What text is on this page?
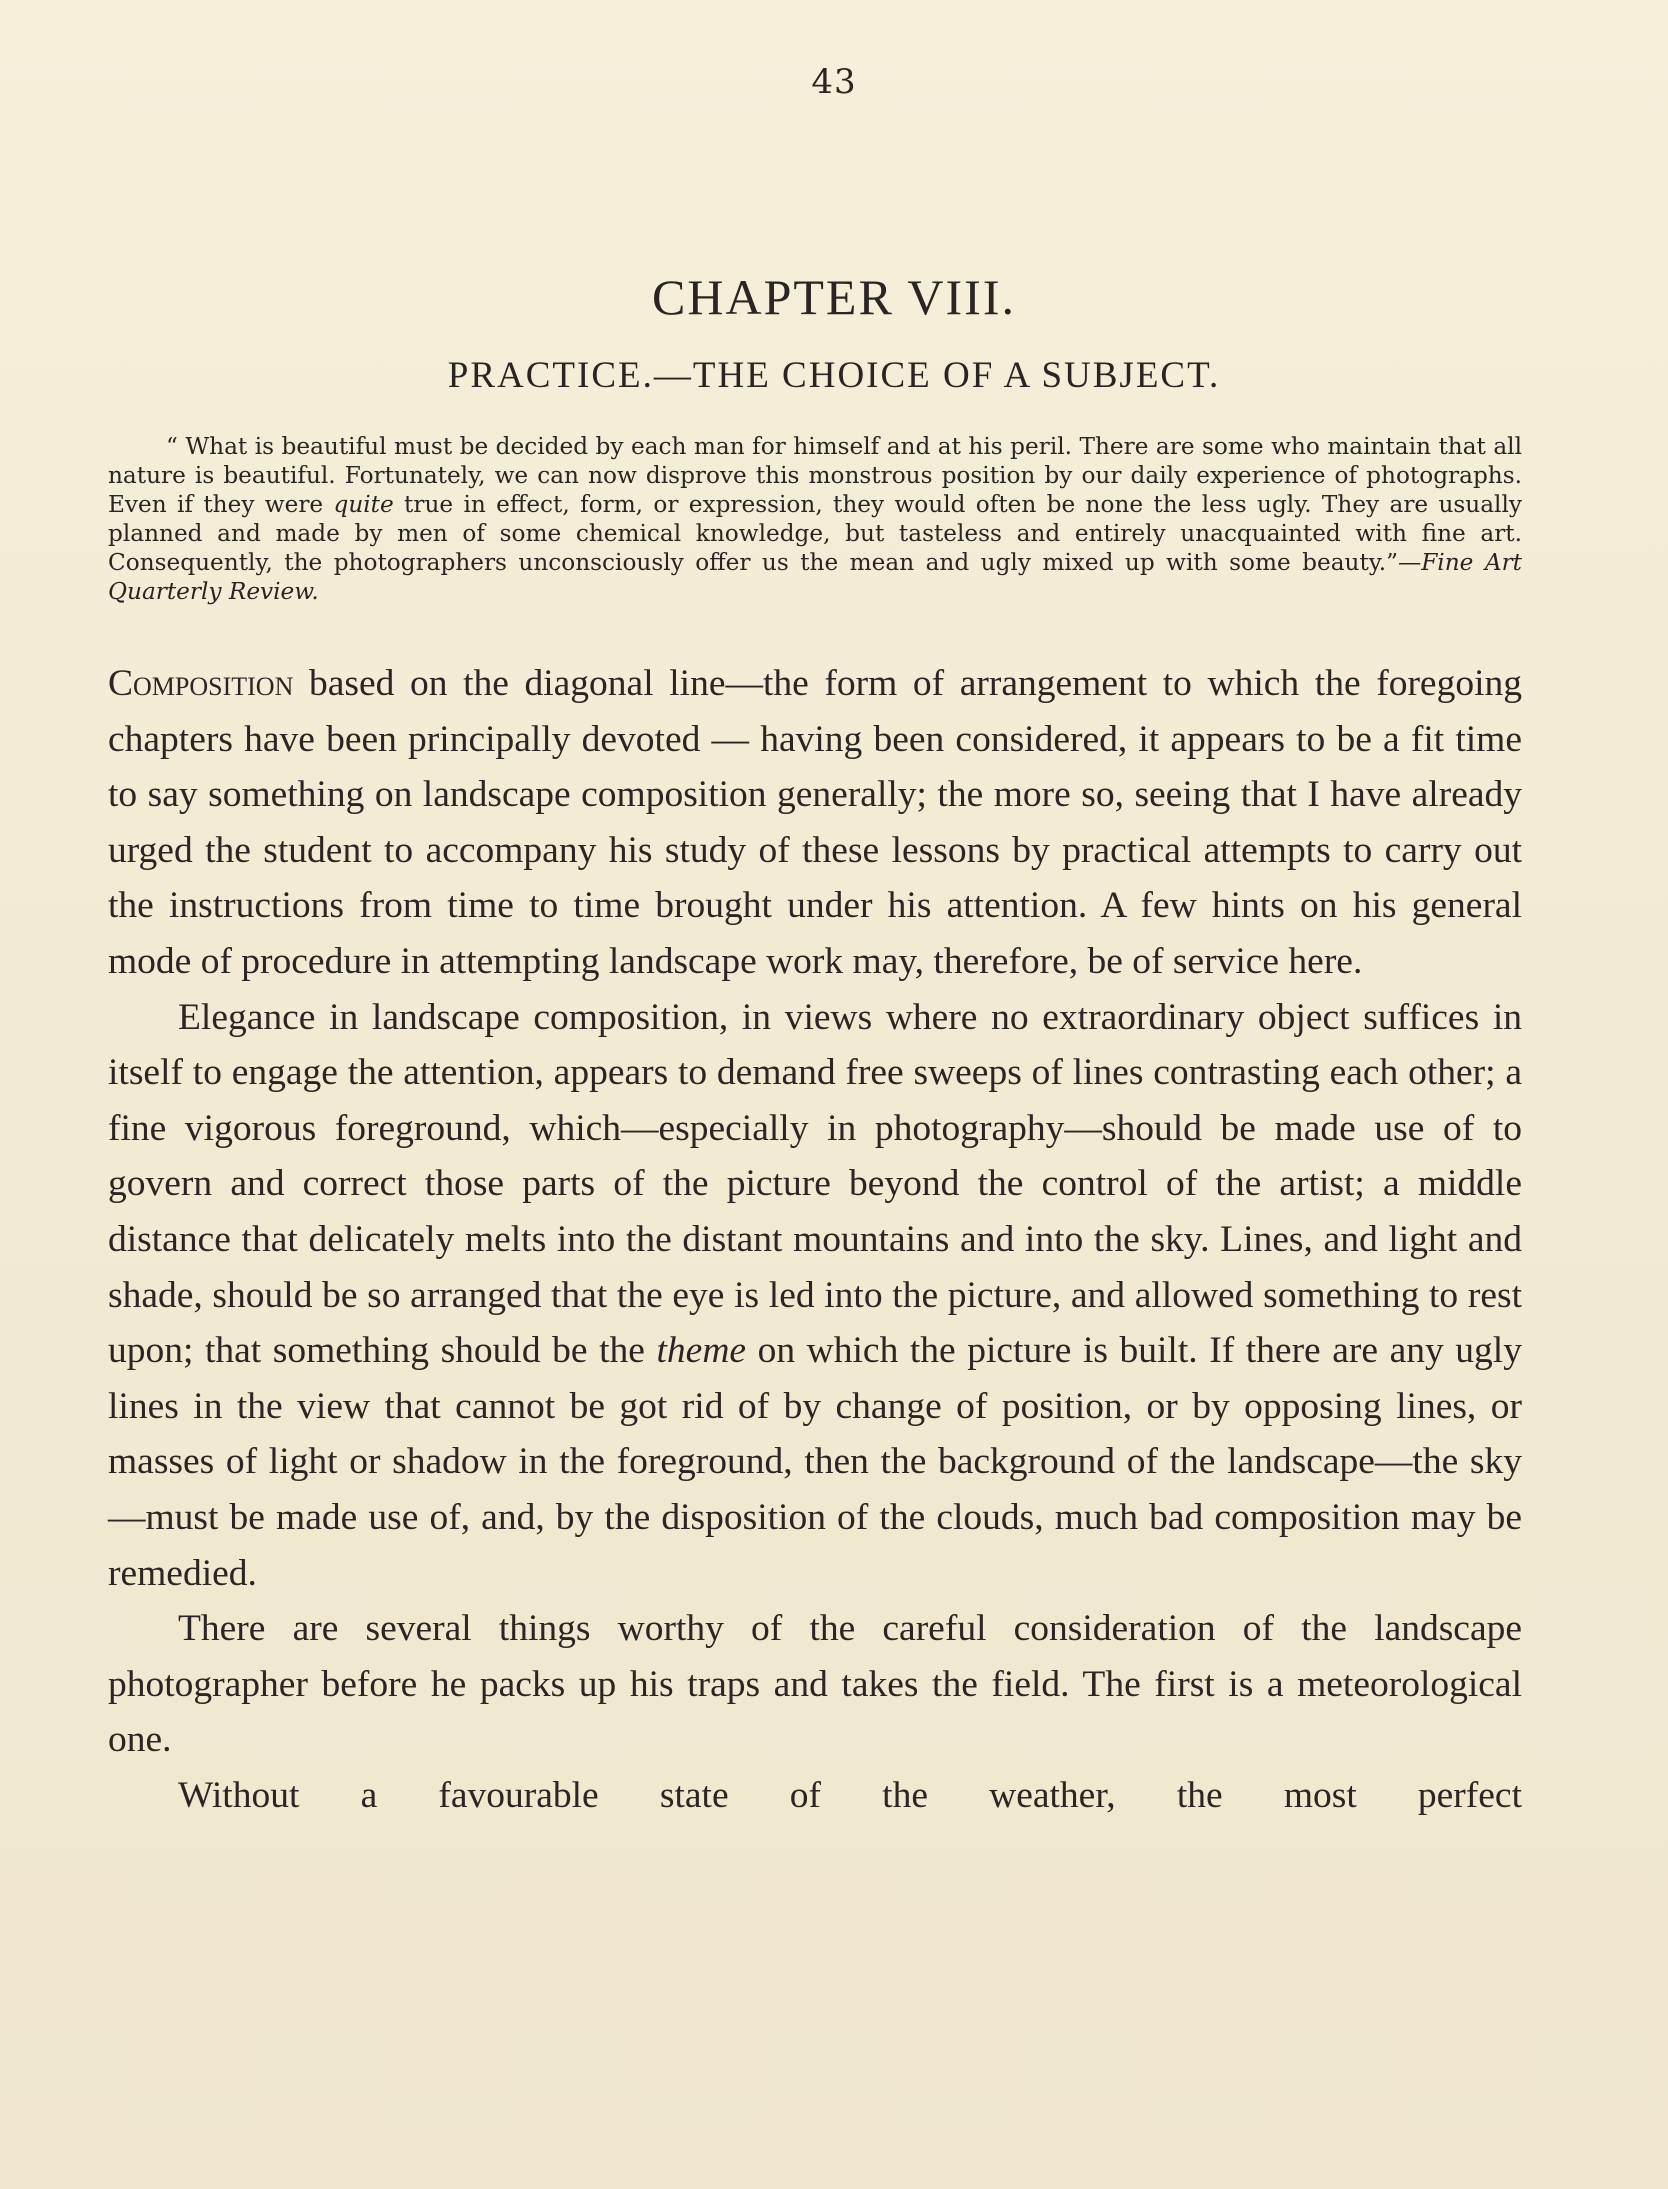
43
CHAPTER VIII.
PRACTICE.—THE CHOICE OF A SUBJECT.

“ What is beautiful must be decided by each man for himself and at his peril. There are some who maintain that all nature is beautiful. Fortunately, we can now disprove this monstrous position by our daily experience of photographs. Even if they were quite true in effect, form, or expression, they would often be none the less ugly. They are usually planned and made by men of some chemical knowledge, but tasteless and entirely unacquainted with fine art. Consequently, the photographers unconsciously offer us the mean and ugly mixed up with some beauty.”—Fine Art Quarterly Review.

Composition based on the diagonal line—the form of arrangement to which the foregoing chapters have been principally devoted — having been considered, it appears to be a fit time to say something on landscape composition generally; the more so, seeing that I have already urged the student to accompany his study of these lessons by practical attempts to carry out the instructions from time to time brought under his attention. A few hints on his general mode of procedure in attempting landscape work may, therefore, be of service here.

Elegance in landscape composition, in views where no extraordinary object suffices in itself to engage the attention, appears to demand free sweeps of lines contrasting each other; a fine vigorous foreground, which—especially in photography—should be made use of to govern and correct those parts of the picture beyond the control of the artist; a middle distance that delicately melts into the distant mountains and into the sky. Lines, and light and shade, should be so arranged that the eye is led into the picture, and allowed something to rest upon; that something should be the theme on which the picture is built. If there are any ugly lines in the view that cannot be got rid of by change of position, or by opposing lines, or masses of light or shadow in the foreground, then the background of the landscape—the sky—must be made use of, and, by the disposition of the clouds, much bad composition may be remedied.

There are several things worthy of the careful consideration of the landscape photographer before he packs up his traps and takes the field. The first is a meteorological one.

Without a favourable state of the weather, the most perfect
